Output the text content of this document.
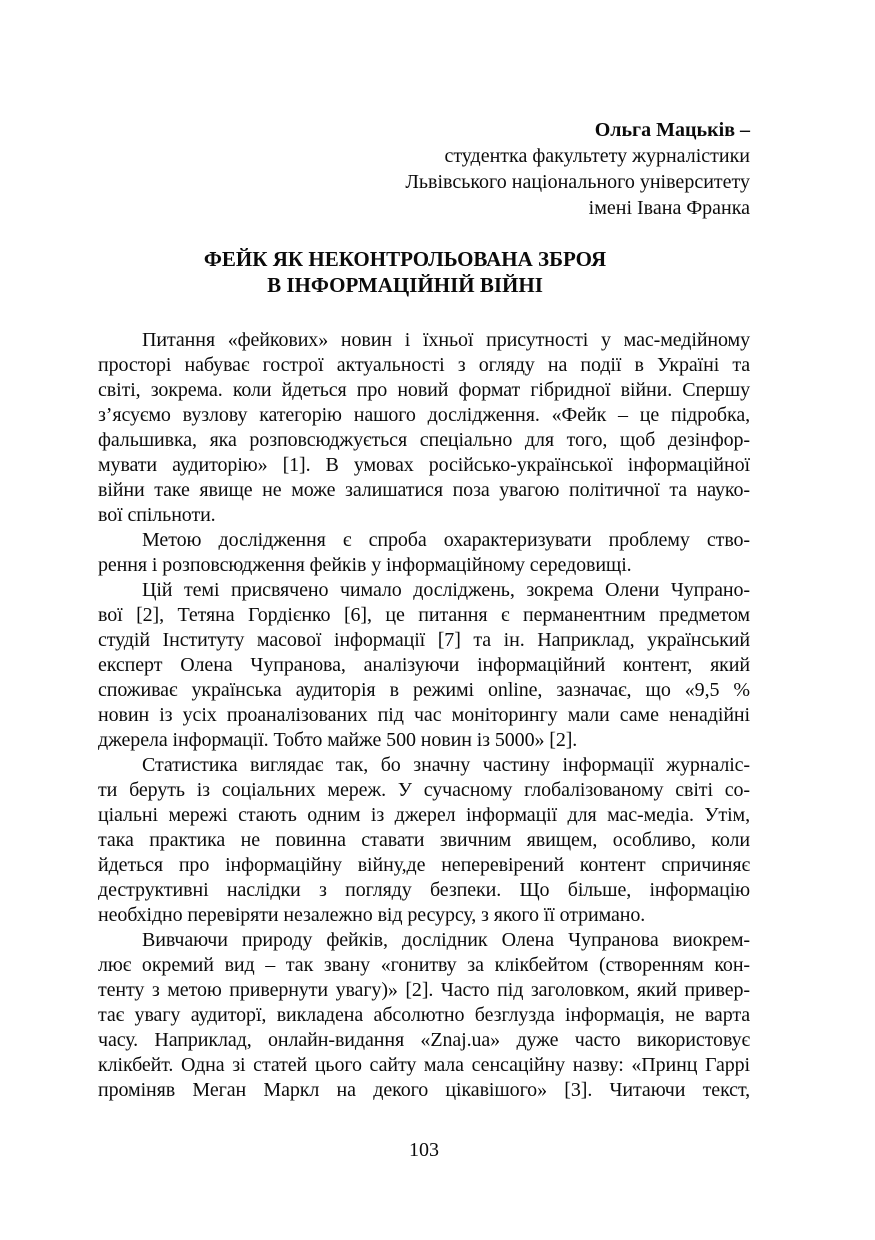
Ольга Мацьків –
студентка факультету журналістики
Львівського національного університету
імені Івана Франка
ФЕЙК ЯК НЕКОНТРОЛЬОВАНА ЗБРОЯ
В ІНФОРМАЦІЙНІЙ ВІЙНІ
Питання «фейкових» новин і їхньої присутності у мас-медійному
просторі набуває гострої актуальності з огляду на події в Україні та
світі, зокрема. коли йдеться про новий формат гібридної війни. Спершу
з’ясуємо вузлову категорію нашого дослідження. «Фейк – це підробка,
фальшивка, яка розповсюджується спеціально для того, щоб дезінфор-
мувати аудиторію» [1]. В умовах російсько-української інформаційної
війни таке явище не може залишатися поза увагою політичної та науко-
вої спільноти.
Метою дослідження є спроба охарактеризувати проблему ство-
рення і розповсюдження фейків у інформаційному середовищі.
Цій темі присвячено чимало досліджень, зокрема Олени Чупрано-
вої [2], Тетяна Гордієнко [6], це питання є перманентним предметом
студій Інституту масової інформації [7] та ін. Наприклад, український
експерт Олена Чупранова, аналізуючи інформаційний контент, який
споживає українська аудиторія в режимі online, зазначає, що «9,5 %
новин із усіх проаналізованих під час моніторингу мали саме ненадійні
джерела інформації. Тобто майже 500 новин із 5000» [2].
Статистика виглядає так, бо значну частину інформації журналіс-
ти беруть із соціальних мереж. У сучасному глобалізованому світі со-
ціальні мережі стають одним із джерел інформації для мас-медіа. Утім,
така практика не повинна ставати звичним явищем, особливо, коли
йдеться про інформаційну війну,де неперевірений контент спричиняє
деструктивні наслідки з погляду безпеки. Що більше, інформацію
необхідно перевіряти незалежно від ресурсу, з якого її отримано.
Вивчаючи природу фейків, дослідник Олена Чупранова виокрем-
лює окремий вид – так звану «гонитву за клікбейтом (створенням кон-
тенту з метою привернути увагу)» [2]. Часто під заголовком, який привер-
тає увагу аудиторї, викладена абсолютно безглузда інформація, не варта
часу. Наприклад, онлайн-видання «Znaj.ua» дуже часто використовує
клікбейт. Одна зі статей цього сайту мала сенсаційну назву: «Принц Гаррі
проміняв Меган Маркл на декого цікавішого» [3]. Читаючи текст,
103
